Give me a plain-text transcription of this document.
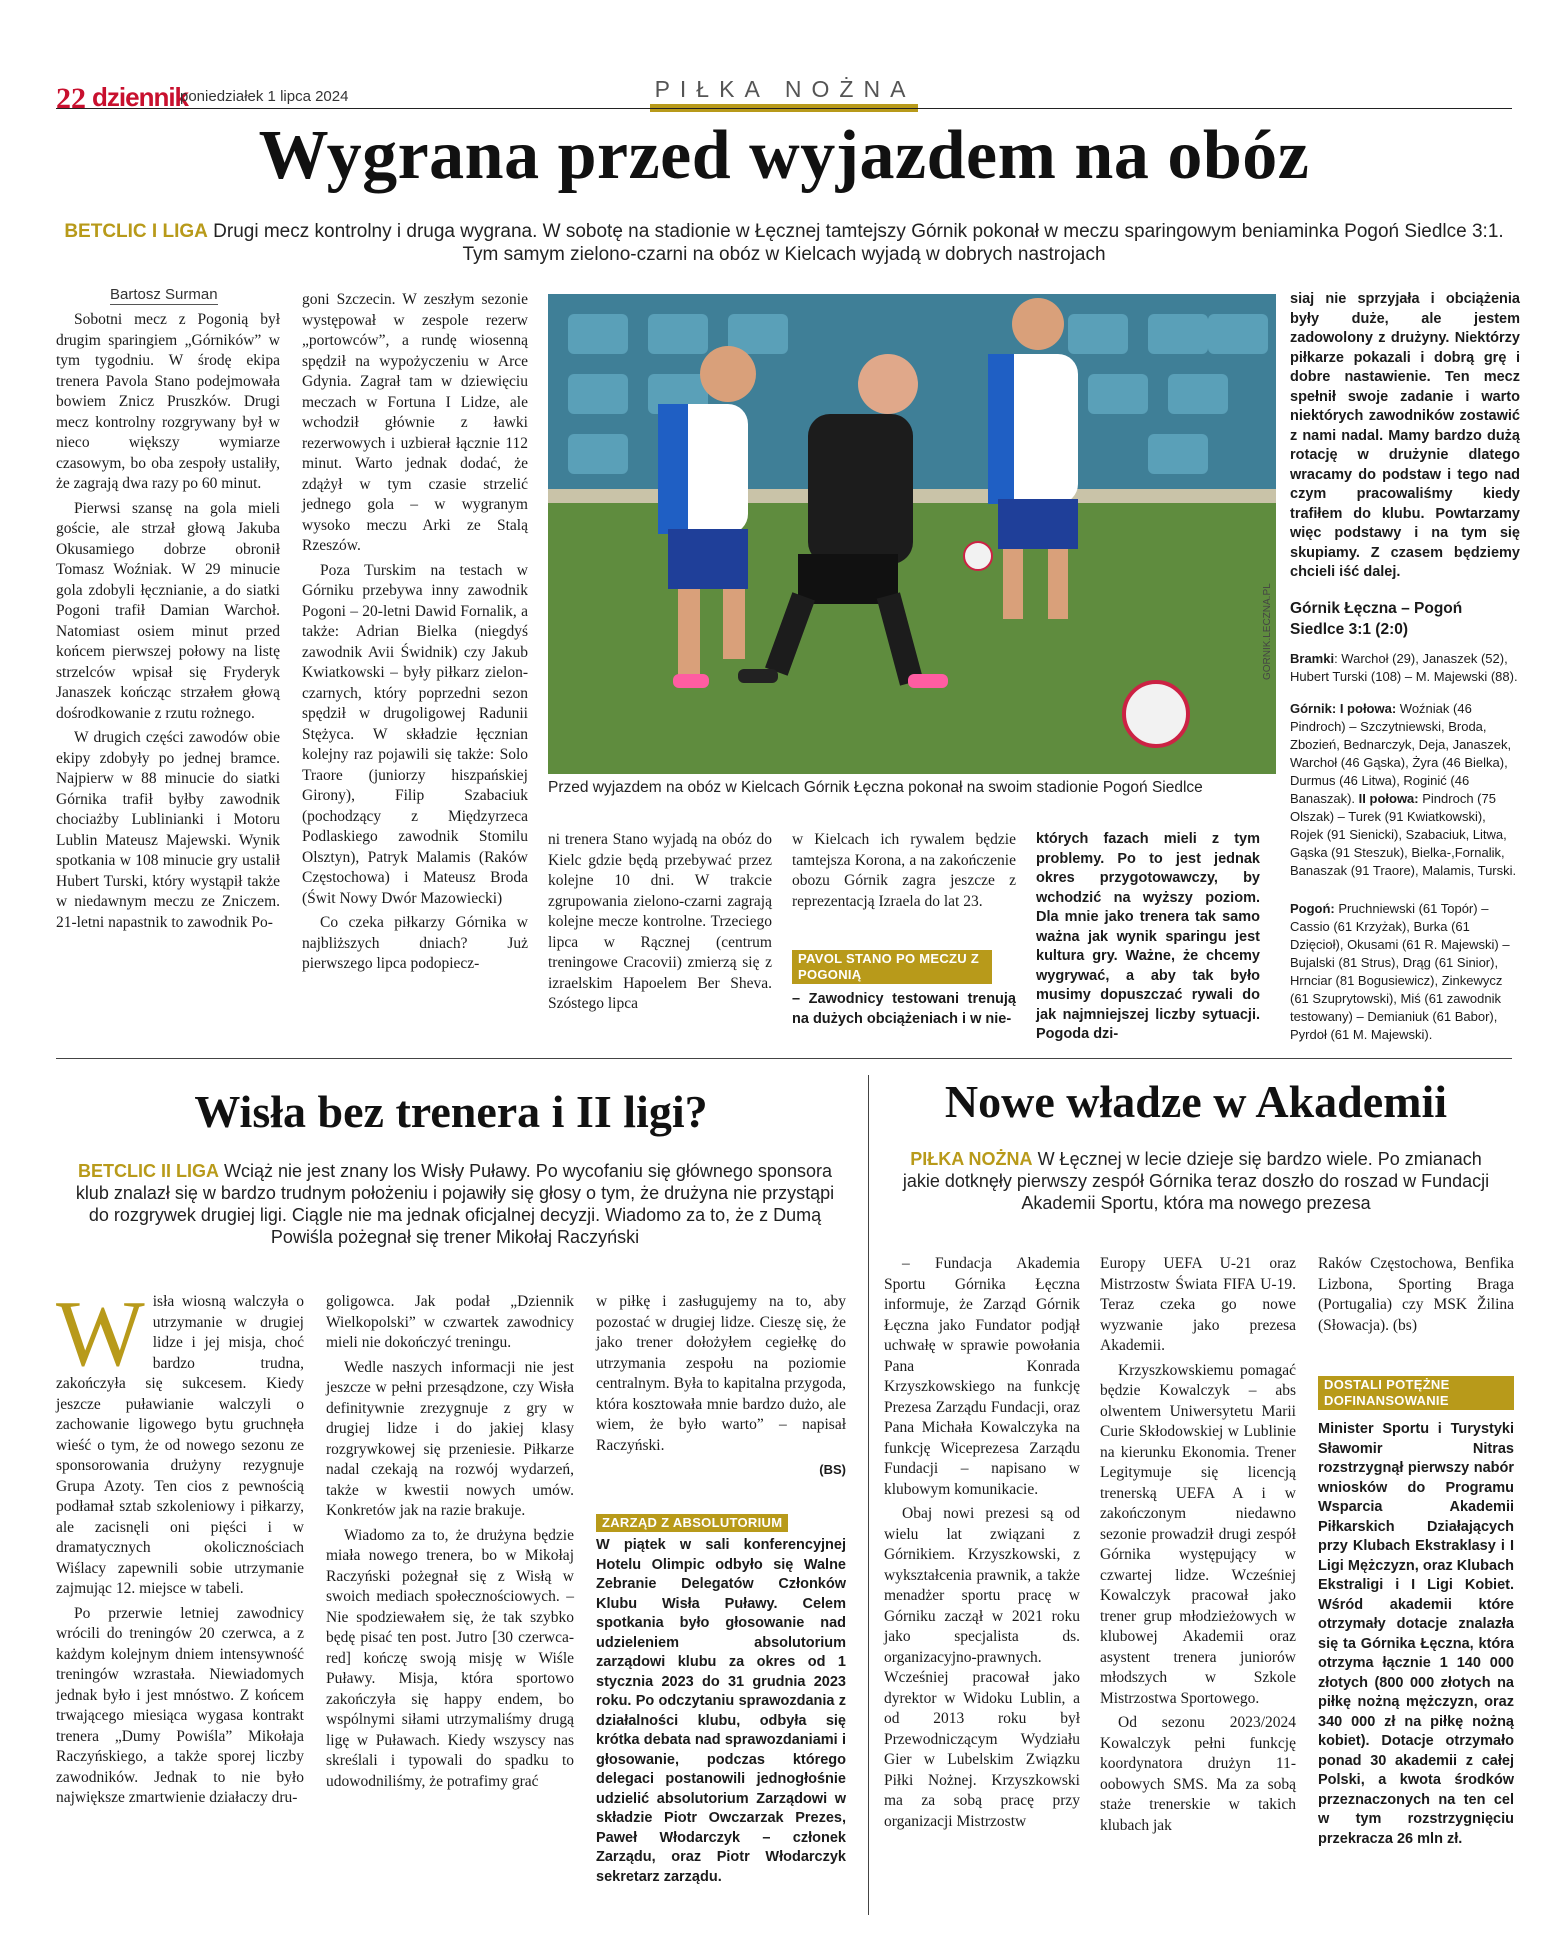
22 dziennik
poniedziałek 1 lipca 2024	PIŁKA NOŻNA
Wygrana przed wyjazdem na obóz
BETCLIC I LIGA Drugi mecz kontrolny i druga wygrana. W sobotę na stadionie w Łęcznej tamtejszy Górnik pokonał w meczu sparingowym beniaminka Pogoń Siedlce 3:1. Tym samym zielono-czarni na obóz w Kielcach wyjadą w dobrych nastrojach
Bartosz Surman

Sobotni mecz z Pogonią był drugim sparingiem „Górników” w tym tygodniu. W środę ekipa trenera Pavola Stano podejmowała bowiem Znicz Pruszków. Drugi mecz kontrolny rozgrywany był w nieco większy wymiarze czasowym, bo oba zespoły ustaliły, że zagrają dwa razy po 60 minut.

Pierwsi szansę na gola mieli goście, ale strzał głową Jakuba Okusamiego dobrze obronił Tomasz Woźniak. W 29 minucie gola zdobyli łęcznianie, a do siatki Pogoni trafił Damian Warchoł. Natomiast osiem minut przed końcem pierwszej połowy na listę strzelców wpisał się Fryderyk Janaszek kończąc strzałem głową dośrodkowanie z rzutu rożnego.

W drugich części zawodów obie ekipy zdobyły po jednej bramce. Najpierw w 88 minucie do siatki Górnika trafił byłby zawodnik chociażby Lublinianki i Motoru Lublin Mateusz Majewski. Wynik spotkania w 108 minucie gry ustalił Hubert Turski, który wystąpił także w niedawnym meczu ze Zniczem. 21-letni napastnik to zawodnik Po-

goni Szczecin. W zeszłym sezonie występował w zespole rezerw „portowców”, a rundę wiosenną spędził na wypożyczeniu w Arce Gdynia. Zagrał tam w dziewięciu meczach w Fortuna I Lidze, ale wchodził głównie z ławki rezerwowych i uzbierał łącznie 112 minut. Warto jednak dodać, że zdążył w tym czasie strzelić jednego gola – w wygranym wysoko meczu Arki ze Stalą Rzeszów.

Poza Turskim na testach w Górniku przebywa inny zawodnik Pogoni – 20-letni Dawid Fornalik, a także: Adrian Bielka (niegdyś zawodnik Avii Świdnik) czy Jakub Kwiatkowski – były piłkarz zielon-czarnych, który poprzedni sezon spędził w drugoligowej Radunii Stężyca. W składzie łęcznian kolejny raz pojawili się także: Solo Traore (juniorzy hiszpańskiej Girony), Filip Szabaciuk (pochodzący z Międzyrzeca Podlaskiego zawodnik Stomilu Olsztyn), Patryk Malamis (Raków Częstochowa) i Mateusz Broda (Świt Nowy Dwór Mazowiecki)

Co czeka piłkarzy Górnika w najbliższych dniach? Już pierwszego lipca podopiecz-

GORNIK.LECZNA.PL
Przed wyjazdem na obóz w Kielcach Górnik Łęczna pokonał na swoim stadionie Pogoń Siedlce

ni trenera Stano wyjadą na obóz do Kielc gdzie będą przebywać przez kolejne 10 dni. W trakcie zgrupowania zielono-czarni zagrają kolejne mecze kontrolne. Trzeciego lipca w Rącznej (centrum treningowe Cracovii) zmierzą się z izraelskim Hapoelem Ber Sheva. Szóstego lipca

w Kielcach ich rywalem będzie tamtejsza Korona, a na zakończenie obozu Górnik zagra jeszcze z reprezentacją Izraela do lat 23.

PAVOL STANO PO MECZU Z POGONIĄ

– Zawodnicy testowani trenują na dużych obciążeniach i w nie-

których fazach mieli z tym problemy. Po to jest jednak okres przygotowawczy, by wchodzić na wyższy poziom. Dla mnie jako trenera tak samo ważna jak wynik sparingu jest kultura gry. Ważne, że chcemy wygrywać, a aby tak było musimy dopuszczać rywali do jak najmniejszej liczby sytuacji. Pogoda dzi-

siaj nie sprzyjała i obciążenia były duże, ale jestem zadowolony z drużyny. Niektórzy piłkarze pokazali i dobrą grę i dobre nastawienie. Ten mecz spełnił swoje zadanie i warto niektórych zawodników zostawić z nami nadal. Mamy bardzo dużą rotację w drużynie dlatego wracamy do podstaw i tego nad czym pracowaliśmy kiedy trafiłem do klubu. Powtarzamy więc podstawy i na tym się skupiamy. Z czasem będziemy chcieli iść dalej.

Górnik Łęczna – Pogoń Siedlce 3:1 (2:0)
Bramki: Warchoł (29), Janaszek (52), Hubert Turski (108) – M. Majewski (88).
Górnik: I połowa: Woźniak (46 Pindroch) – Szczytniewski, Broda, Zbozień, Bednarczyk, Deja, Janaszek, Warchoł (46 Gąska), Żyra (46 Bielka), Durmus (46 Litwa), Roginić (46 Banaszak). II połowa: Pindroch (75 Olszak) – Turek (91 Kwiatkowski), Rojek (91 Sienicki), Szabaciuk, Litwa, Gąska (91 Steszuk), Bielka-,Fornalik, Banaszak (91 Traore), Malamis, Turski.
Pogoń: Pruchniewski (61 Topór) – Cassio (61 Krzyżak), Burka (61 Dzięcioł), Okusami (61 R. Majewski) – Bujalski (81 Strus), Drąg (61 Sinior), Hrnciar (81 Bogusiewicz), Zinkewycz (61 Szuprytowski), Miś (61 zawodnik testowany) – Demianiuk (61 Babor), Pyrdoł (61 M. Majewski).
Wisła bez trenera i II ligi?
BETCLIC II LIGA Wciąż nie jest znany los Wisły Puławy. Po wycofaniu się głównego sponsora klub znalazł się w bardzo trudnym położeniu i pojawiły się głosy o tym, że drużyna nie przystąpi do rozgrywek drugiej ligi. Ciągle nie ma jednak oficjalnej decyzji. Wiadomo za to, że z Dumą Powiśla pożegnał się trener Mikołaj Raczyński

Wisła wiosną walczyła o utrzymanie w drugiej lidze i jej misja, choć bardzo trudna, zakończyła się sukcesem. Kiedy jeszcze puławianie walczyli o zachowanie ligowego bytu gruchnęła wieść o tym, że od nowego sezonu ze sponsorowania drużyny rezygnuje Grupa Azoty. Ten cios z pewnością podłamał sztab szkoleniowy i piłkarzy, ale zacisnęli oni pięści i w dramatycznych okolicznościach Wiślacy zapewnili sobie utrzymanie zajmując 12. miejsce w tabeli.

Po przerwie letniej zawodnicy wrócili do treningów 20 czerwca, a z każdym kolejnym dniem intensywność treningów wzrastała. Niewiadomych jednak było i jest mnóstwo. Z końcem trwającego miesiąca wygasa kontrakt trenera „Dumy Powiśla” Mikołaja Raczyńskiego, a także sporej liczby zawodników. Jednak to nie było największe zmartwienie działaczy dru-

goligowca. Jak podał „Dziennik Wielkopolski” w czwartek zawodnicy mieli nie dokończyć treningu.

Wedle naszych informacji nie jest jeszcze w pełni przesądzone, czy Wisła definitywnie zrezygnuje z gry w drugiej lidze i do jakiej klasy rozgrywkowej się przeniesie. Piłkarze nadal czekają na rozwój wydarzeń, także w kwestii nowych umów. Konkretów jak na razie brakuje.

Wiadomo za to, że drużyna będzie miała nowego trenera, bo w Mikołaj Raczyński pożegnał się z Wisłą w swoich mediach społecznościowych. – Nie spodziewałem się, że tak szybko będę pisać ten post. Jutro [30 czerwca-red] kończę swoją misję w Wiśle Puławy. Misja, która sportowo zakończyła się happy endem, bo wspólnymi siłami utrzymaliśmy drugą ligę w Puławach. Kiedy wszyscy nas skreślali i typowali do spadku to udowodniliśmy, że potrafimy grać

w piłkę i zasługujemy na to, aby pozostać w drugiej lidze. Cieszę się, że jako trener dołożyłem cegiełkę do utrzymania zespołu na poziomie centralnym. Była to kapitalna przygoda, która kosztowała mnie bardzo dużo, ale wiem, że było warto” – napisał Raczyński.

(BS)

ZARZĄD Z ABSOLUTORIUM

W piątek w sali konferencyjnej Hotelu Olimpic odbyło się Walne Zebranie Delegatów Członków Klubu Wisła Puławy. Celem spotkania było głosowanie nad udzieleniem absolutorium zarządowi klubu za okres od 1 stycznia 2023 do 31 grudnia 2023 roku. Po odczytaniu sprawozdania z działalności klubu, odbyła się krótka debata nad sprawozdaniami i głosowanie, podczas którego delegaci postanowili jednogłośnie udzielić absolutorium Zarządowi w składzie Piotr Owczarzak Prezes, Paweł Włodarczyk – członek Zarządu, oraz Piotr Włodarczyk sekretarz zarządu.

Nowe władze w Akademii
PIŁKA NOŻNA W Łęcznej w lecie dzieje się bardzo wiele. Po zmianach jakie dotknęły pierwszy zespół Górnika teraz doszło do roszad w Fundacji Akademii Sportu, która ma nowego prezesa

– Fundacja Akademia Sportu Górnika Łęczna informuje, że Zarząd Górnik Łęczna jako Fundator podjął uchwałę w sprawie powołania Pana Konrada Krzyszkowskiego na funkcję Prezesa Zarządu Fundacji, oraz Pana Michała Kowalczyka na funkcję Wiceprezesa Zarządu Fundacji – napisano w klubowym komunikacie.

Obaj nowi prezesi są od wielu lat związani z Górnikiem. Krzyszkowski, z wykształcenia prawnik, a także menadżer sportu pracę w Górniku zaczął w 2021 roku jako specjalista ds. organizacyjno-prawnych. Wcześniej pracował jako dyrektor w Widoku Lublin, a od 2013 roku był Przewodniczącym Wydziału Gier w Lubelskim Związku Piłki Nożnej. Krzyszkowski ma za sobą pracę przy organizacji Mistrzostw

Europy UEFA U-21 oraz Mistrzostw Świata FIFA U-19. Teraz czeka go nowe wyzwanie jako prezesa Akademii.

Krzyszkowskiemu pomagać będzie Kowalczyk – abs olwentem Uniwersytetu Marii Curie Skłodowskiej w Lublinie na kierunku Ekonomia. Trener Legitymuje się licencją trenerską UEFA A i w zakończonym niedawno sezonie prowadził drugi zespół Górnika występujący w czwartej lidze. Wcześniej Kowalczyk pracował jako trener grup młodzieżowych w klubowej Akademii oraz asystent trenera juniorów młodszych w Szkole Mistrzostwa Sportowego.

Od sezonu 2023/2024 Kowalczyk pełni funkcję koordynatora drużyn 11-oobowych SMS. Ma za sobą staże trenerskie w takich klubach jak

Raków Częstochowa, Benfika Lizbona, Sporting Braga (Portugalia) czy MSK Žilina (Słowacja). (bs)

DOSTALI POTĘŻNE DOFINANSOWANIE

Minister Sportu i Turystyki Sławomir Nitras rozstrzygnął pierwszy nabór wniosków do Programu Wsparcia Akademii Piłkarskich Działających przy Klubach Ekstraklasy i I Ligi Mężczyzn, oraz Klubach Ekstraligi i I Ligi Kobiet. Wśród akademii które otrzymały dotacje znalazła się ta Górnika Łęczna, która otrzyma łącznie 1 140 000 złotych (800 000 złotych na piłkę nożną mężczyzn, oraz 340 000 zł na piłkę nożną kobiet). Dotacje otrzymało ponad 30 akademii z całej Polski, a kwota środków przeznaczonych na ten cel w tym rozstrzygnięciu przekracza 26 mln zł.
